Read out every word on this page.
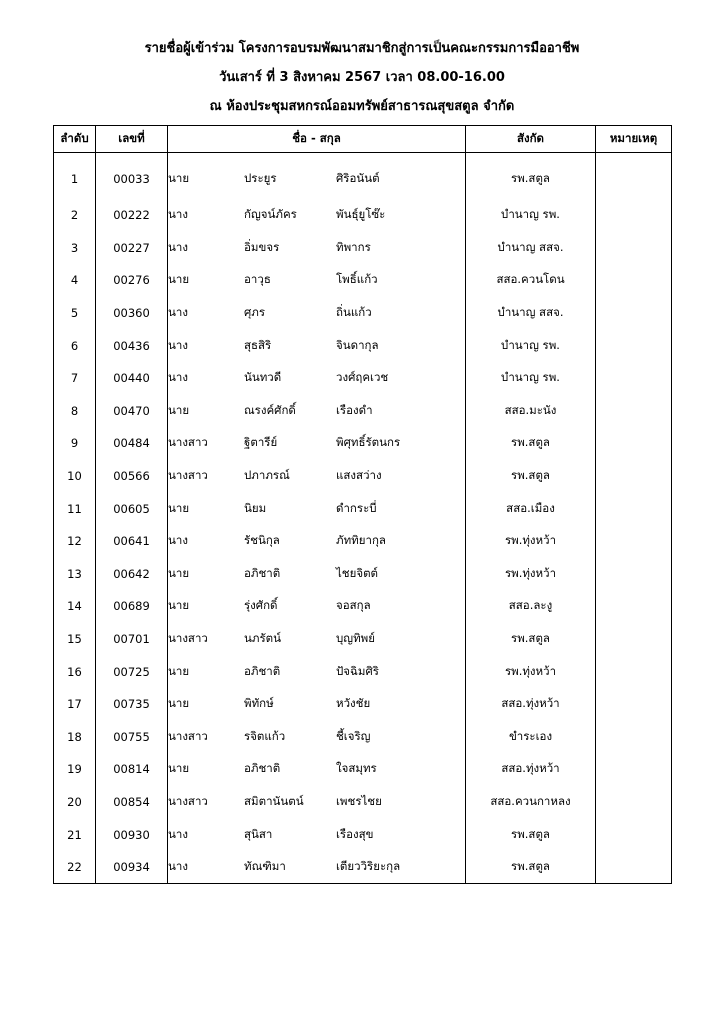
รายชื่อผู้เข้าร่วม โครงการอบรมพัฒนาสมาชิกสู่การเป็นคณะกรรมการมืออาชีพ
วันเสาร์ ที่ 3 สิงหาคม 2567 เวลา 08.00-16.00
ณ ห้องประชุมสหกรณ์ออมทรัพย์สาธารณสุขสตูล จำกัด
ลำดับ	เลขที่	ชื่อ - สกุล	สังกัด	หมายเหตุ
1	00033	นาย ประยูร ศิริอนันต์	รพ.สตูล	
2	00222	นาง กัญจน์ภัคร พันธุ์ยูโซ๊ะ	บำนาญ รพ.	
3	00227	นาง อิ่มขจร ทิพากร	บำนาญ สสจ.	
4	00276	นาย อาวุธ โพธิ์แก้ว	สสอ.ควนโดน	
5	00360	นาง ศุภร ถิ่นแก้ว	บำนาญ สสจ.	
6	00436	นาง สุธสิริ จินดากุล	บำนาญ รพ.	
7	00440	นาง นันทวดี วงศ์ฤคเวช	บำนาญ รพ.	
8	00470	นาย ณรงค์ศักดิ์ เรืองดำ	สสอ.มะนัง	
9	00484	นางสาว ฐิตารีย์ พิศุทธิ์รัตนกร	รพ.สตูล	
10	00566	นางสาว ปภาภรณ์ แสงสว่าง	รพ.สตูล	
11	00605	นาย นิยม ดำกระบี่	สสอ.เมือง	
12	00641	นาง รัชนิกุล ภัททิยากุล	รพ.ทุ่งหว้า	
13	00642	นาย อภิชาติ ไชยจิตต์	รพ.ทุ่งหว้า	
14	00689	นาย รุ่งศักดิ์ จอสกุล	สสอ.ละงู	
15	00701	นางสาว นภรัตน์ บุญทิพย์	รพ.สตูล	
16	00725	นาย อภิชาติ ปัจฉิมศิริ	รพ.ทุ่งหว้า	
17	00735	นาย พิทักษ์ หวังชัย	สสอ.ทุ่งหว้า	
18	00755	นางสาว รจิตแก้ว ชี้เจริญ	ขำระเอง	
19	00814	นาย อภิชาติ ใจสมุทร	สสอ.ทุ่งหว้า	
20	00854	นางสาว สมิตานันตน์ เพชรไชย	สสอ.ควนกาหลง	
21	00930	นาง สุนิสา เรืองสุข	รพ.สตูล	
22	00934	นาง ทัณฑิมา เตียววิริยะกุล	รพ.สตูล	
